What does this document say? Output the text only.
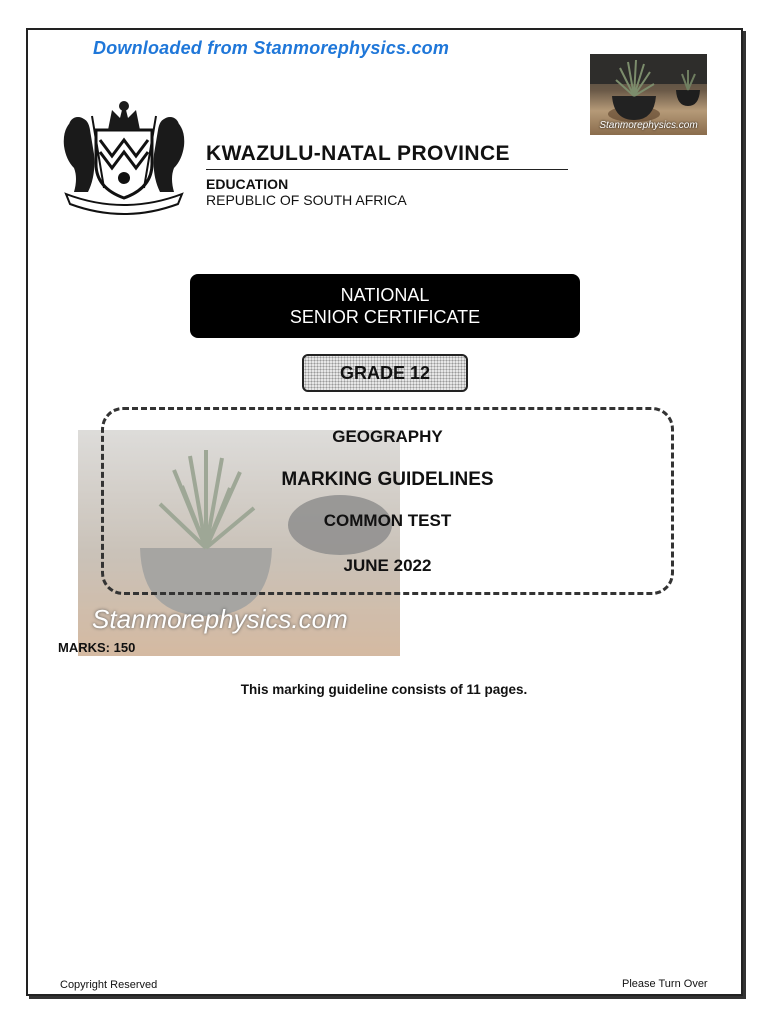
Downloaded from Stanmorephysics.com
Stanmorephysics.com
KWAZULU-NATAL PROVINCE
EDUCATION
REPUBLIC OF SOUTH AFRICA
NATIONAL
SENIOR CERTIFICATE
GRADE 12
Stanmorephysics.com
GEOGRAPHY
MARKING GUIDELINES
COMMON TEST
JUNE 2022
MARKS: 150
This marking guideline consists of 11 pages.
Copyright Reserved	Please Turn Over
